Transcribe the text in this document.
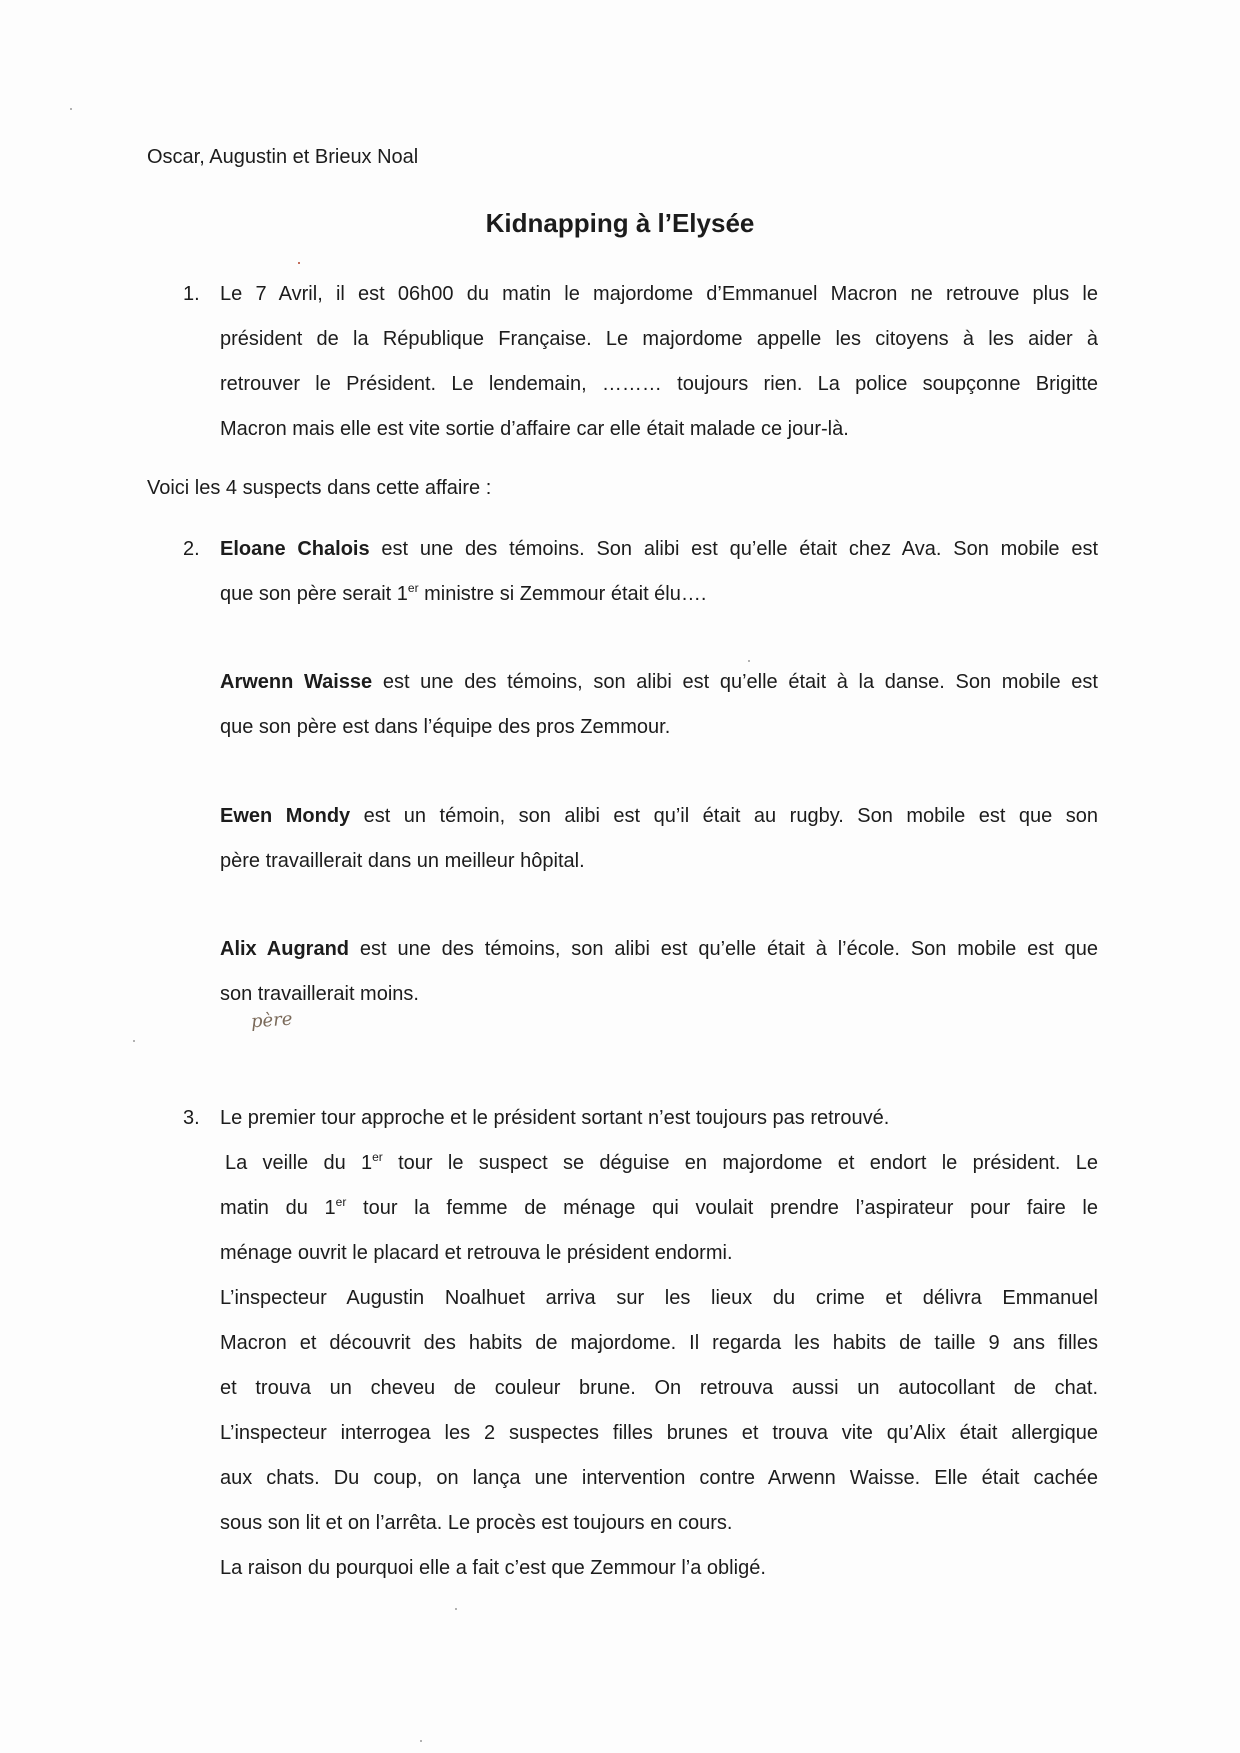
Oscar, Augustin et Brieux Noal
Kidnapping à l’Elysée
1. Le 7 Avril, il est 06h00 du matin le majordome d’Emmanuel Macron ne retrouve plus le
président de la République Française. Le majordome appelle les citoyens à les aider à
retrouver le Président. Le lendemain, ……… toujours rien. La police soupçonne Brigitte
Macron mais elle est vite sortie d’affaire car elle était malade ce jour-là.
Voici les 4 suspects dans cette affaire :
2. Eloane Chalois est une des témoins. Son alibi est qu’elle était chez Ava. Son mobile est
que son père serait 1er ministre si Zemmour était élu….
Arwenn Waisse est une des témoins, son alibi est qu’elle était à la danse. Son mobile est
que son père est dans l’équipe des pros Zemmour.
Ewen Mondy est un témoin, son alibi est qu’il était au rugby. Son mobile est que son
père travaillerait dans un meilleur hôpital.
Alix Augrand est une des témoins, son alibi est qu’elle était à l’école. Son mobile est que
son travaillerait moins.
père
3. Le premier tour approche et le président sortant n’est toujours pas retrouvé.
La veille du 1er tour le suspect se déguise en majordome et endort le président. Le
matin du 1er tour la femme de ménage qui voulait prendre l’aspirateur pour faire le
ménage ouvrit le placard et retrouva le président endormi.
L’inspecteur Augustin Noalhuet arriva sur les lieux du crime et délivra Emmanuel
Macron et découvrit des habits de majordome. Il regarda les habits de taille 9 ans filles
et trouva un cheveu de couleur brune. On retrouva aussi un autocollant de chat.
L’inspecteur interrogea les 2 suspectes filles brunes et trouva vite qu’Alix était allergique
aux chats. Du coup, on lança une intervention contre Arwenn Waisse. Elle était cachée
sous son lit et on l’arrêta. Le procès est toujours en cours.
La raison du pourquoi elle a fait c’est que Zemmour l’a obligé.
